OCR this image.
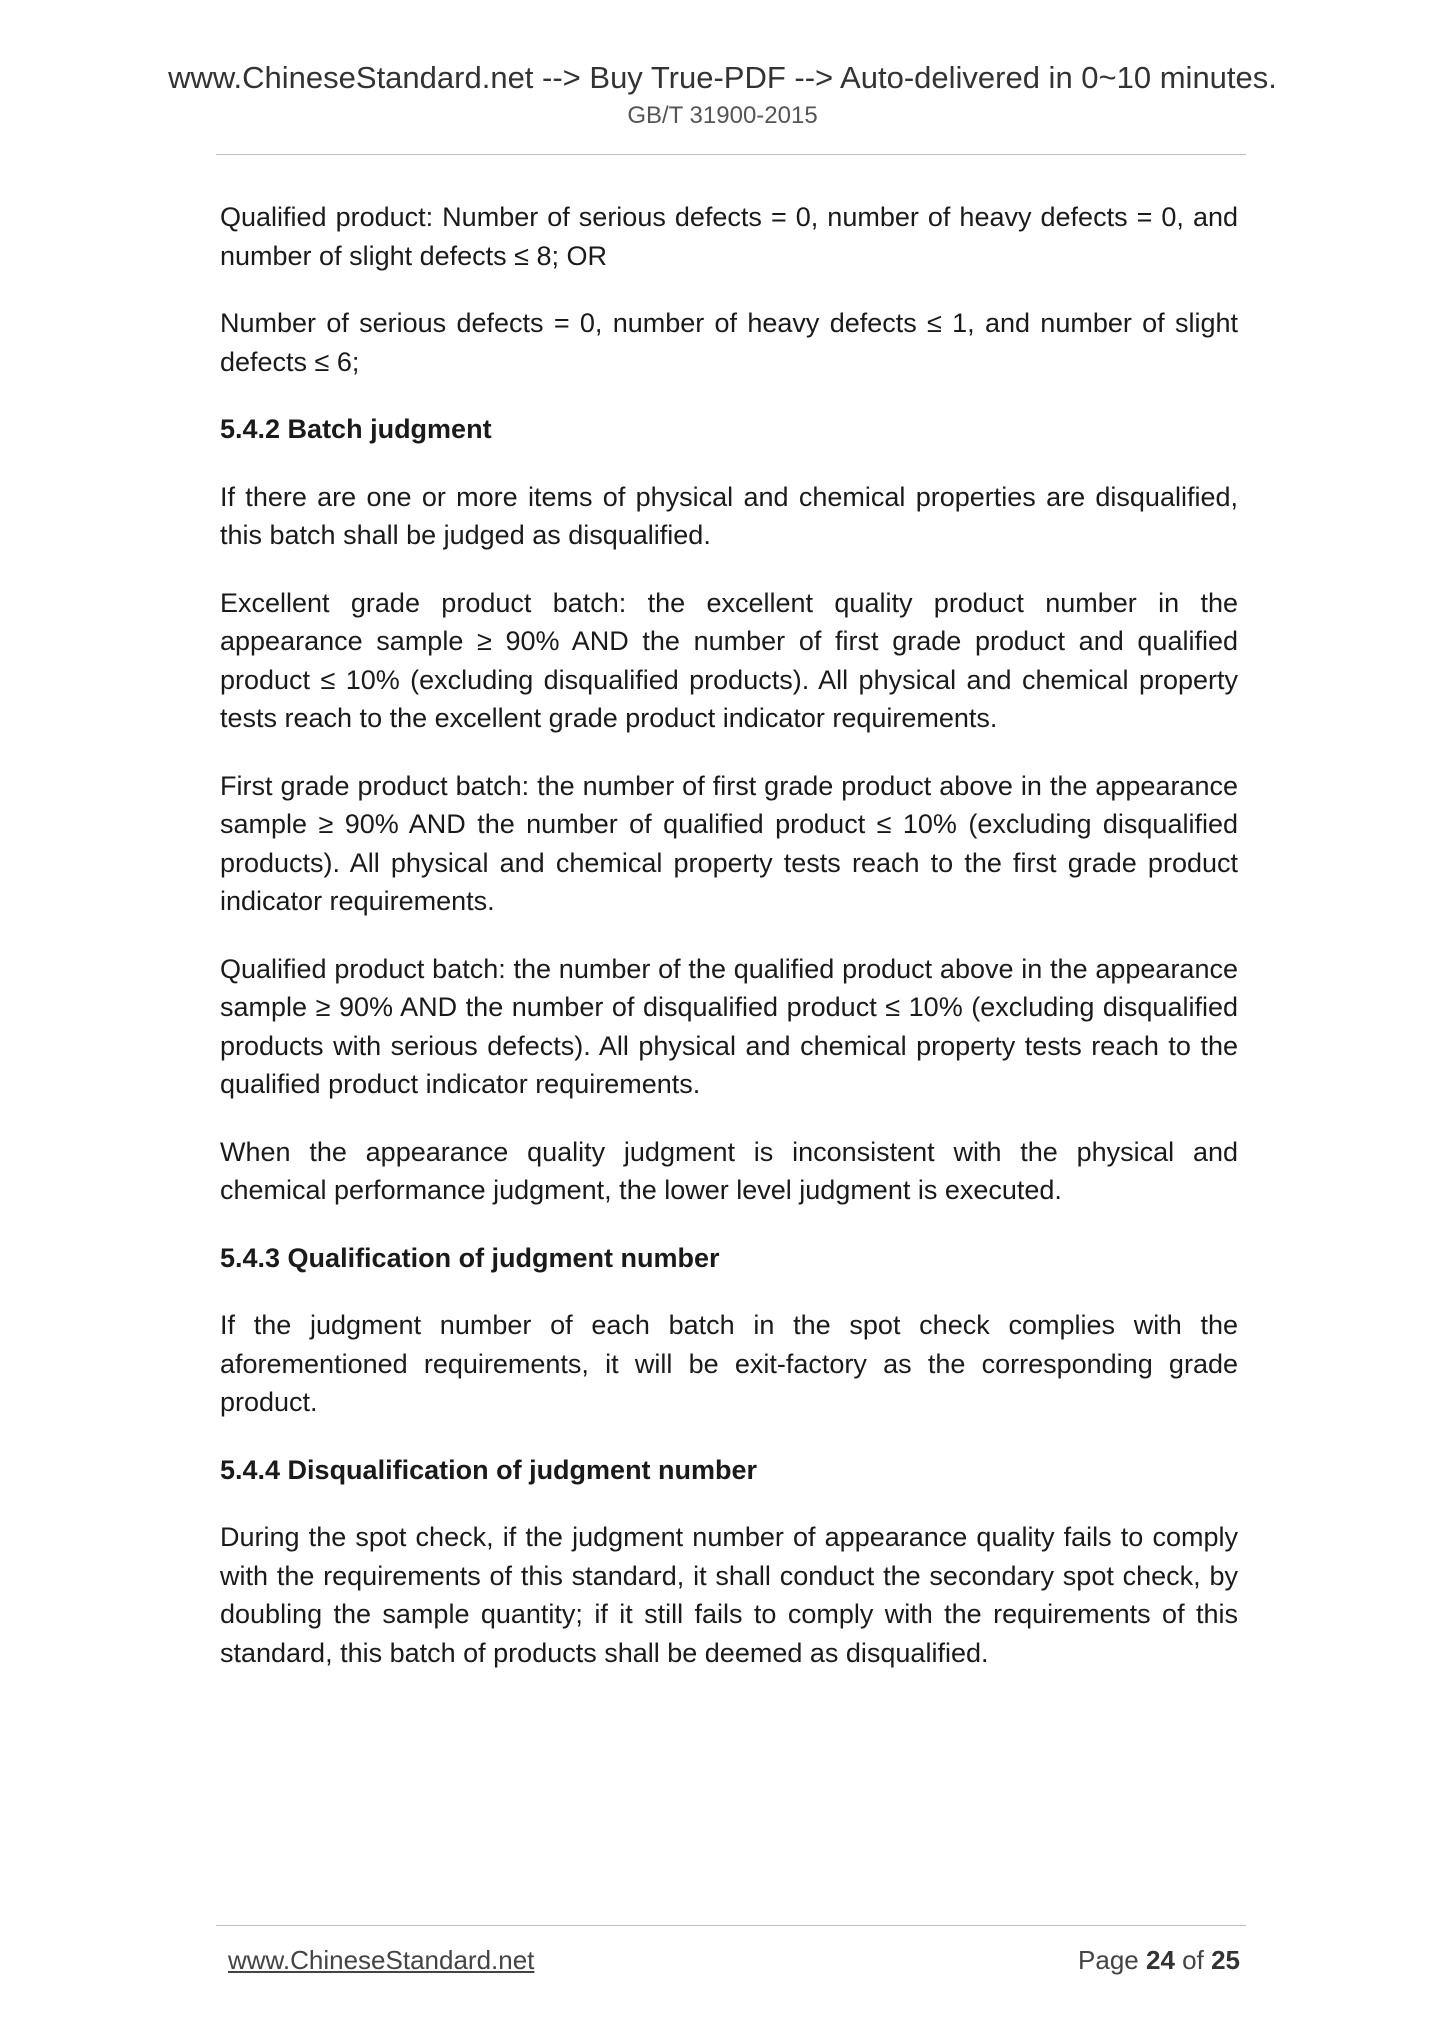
www.ChineseStandard.net --> Buy True-PDF --> Auto-delivered in 0~10 minutes.
GB/T 31900-2015

Qualified product: Number of serious defects = 0, number of heavy defects = 0, and number of slight defects ≤ 8; OR

Number of serious defects = 0, number of heavy defects ≤ 1, and number of slight defects ≤ 6;

5.4.2 Batch judgment

If there are one or more items of physical and chemical properties are disqualified, this batch shall be judged as disqualified.

Excellent grade product batch: the excellent quality product number in the appearance sample ≥ 90% AND the number of first grade product and qualified product ≤ 10% (excluding disqualified products). All physical and chemical property tests reach to the excellent grade product indicator requirements.

First grade product batch: the number of first grade product above in the appearance sample ≥ 90% AND the number of qualified product ≤ 10% (excluding disqualified products). All physical and chemical property tests reach to the first grade product indicator requirements.

Qualified product batch: the number of the qualified product above in the appearance sample ≥ 90% AND the number of disqualified product ≤ 10% (excluding disqualified products with serious defects). All physical and chemical property tests reach to the qualified product indicator requirements.

When the appearance quality judgment is inconsistent with the physical and chemical performance judgment, the lower level judgment is executed.

5.4.3 Qualification of judgment number

If the judgment number of each batch in the spot check complies with the aforementioned requirements, it will be exit-factory as the corresponding grade product.

5.4.4 Disqualification of judgment number

During the spot check, if the judgment number of appearance quality fails to comply with the requirements of this standard, it shall conduct the secondary spot check, by doubling the sample quantity; if it still fails to comply with the requirements of this standard, this batch of products shall be deemed as disqualified.

www.ChineseStandard.net	Page 24 of 25
